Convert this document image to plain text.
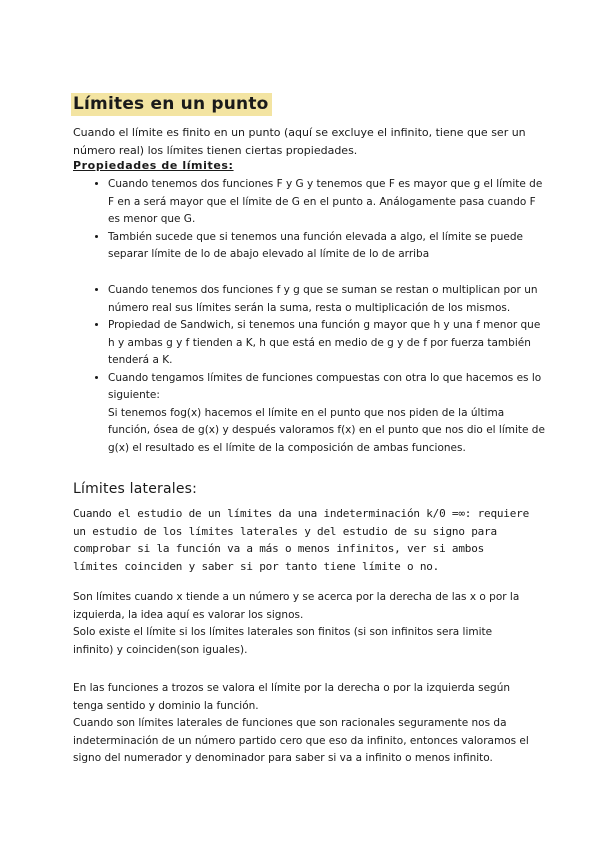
Límites en un punto
Cuando el límite es finito en un punto (aquí se excluye el infinito, tiene que ser un número real) los límites tienen ciertas propiedades.
Propiedades de límites:
• Cuando tenemos dos funciones F y G y tenemos que F es mayor que g el límite de F en a será mayor que el límite de G en el punto a. Análogamente pasa cuando F es menor que G.
• También sucede que si tenemos una función elevada a algo, el límite se puede separar límite de lo de abajo elevado al límite de lo de arriba
• Cuando tenemos dos funciones f y g que se suman se restan o multiplican por un número real sus límites serán la suma, resta o multiplicación de los mismos.
• Propiedad de Sandwich, si tenemos una función g mayor que h y una f menor que h y ambas g y f tienden a K, h que está en medio de g y de f por fuerza también tenderá a K.
• Cuando tengamos límites de funciones compuestas con otra lo que hacemos es lo siguiente:
Si tenemos fog(x) hacemos el límite en el punto que nos piden de la última función, ósea de g(x) y después valoramos f(x) en el punto que nos dio el límite de g(x) el resultado es el límite de la composición de ambas funciones.
Límites laterales:
Cuando el estudio de un límites da una indeterminación k/0 =∞: requiere un estudio de los límites laterales y del estudio de su signo para comprobar si la función va a más o menos infinitos, ver si ambos límites coinciden y saber si por tanto tiene límite o no.
Son límites cuando x tiende a un número y se acerca por la derecha de las x o por la izquierda, la idea aquí es valorar los signos.
Solo existe el límite si los límites laterales son finitos (si son infinitos sera limite infinito) y coinciden(son iguales).
En las funciones a trozos se valora el límite por la derecha o por la izquierda según tenga sentido y dominio la función.
Cuando son límites laterales de funciones que son racionales seguramente nos da indeterminación de un número partido cero que eso da infinito, entonces valoramos el signo del numerador y denominador para saber si va a infinito o menos infinito.
